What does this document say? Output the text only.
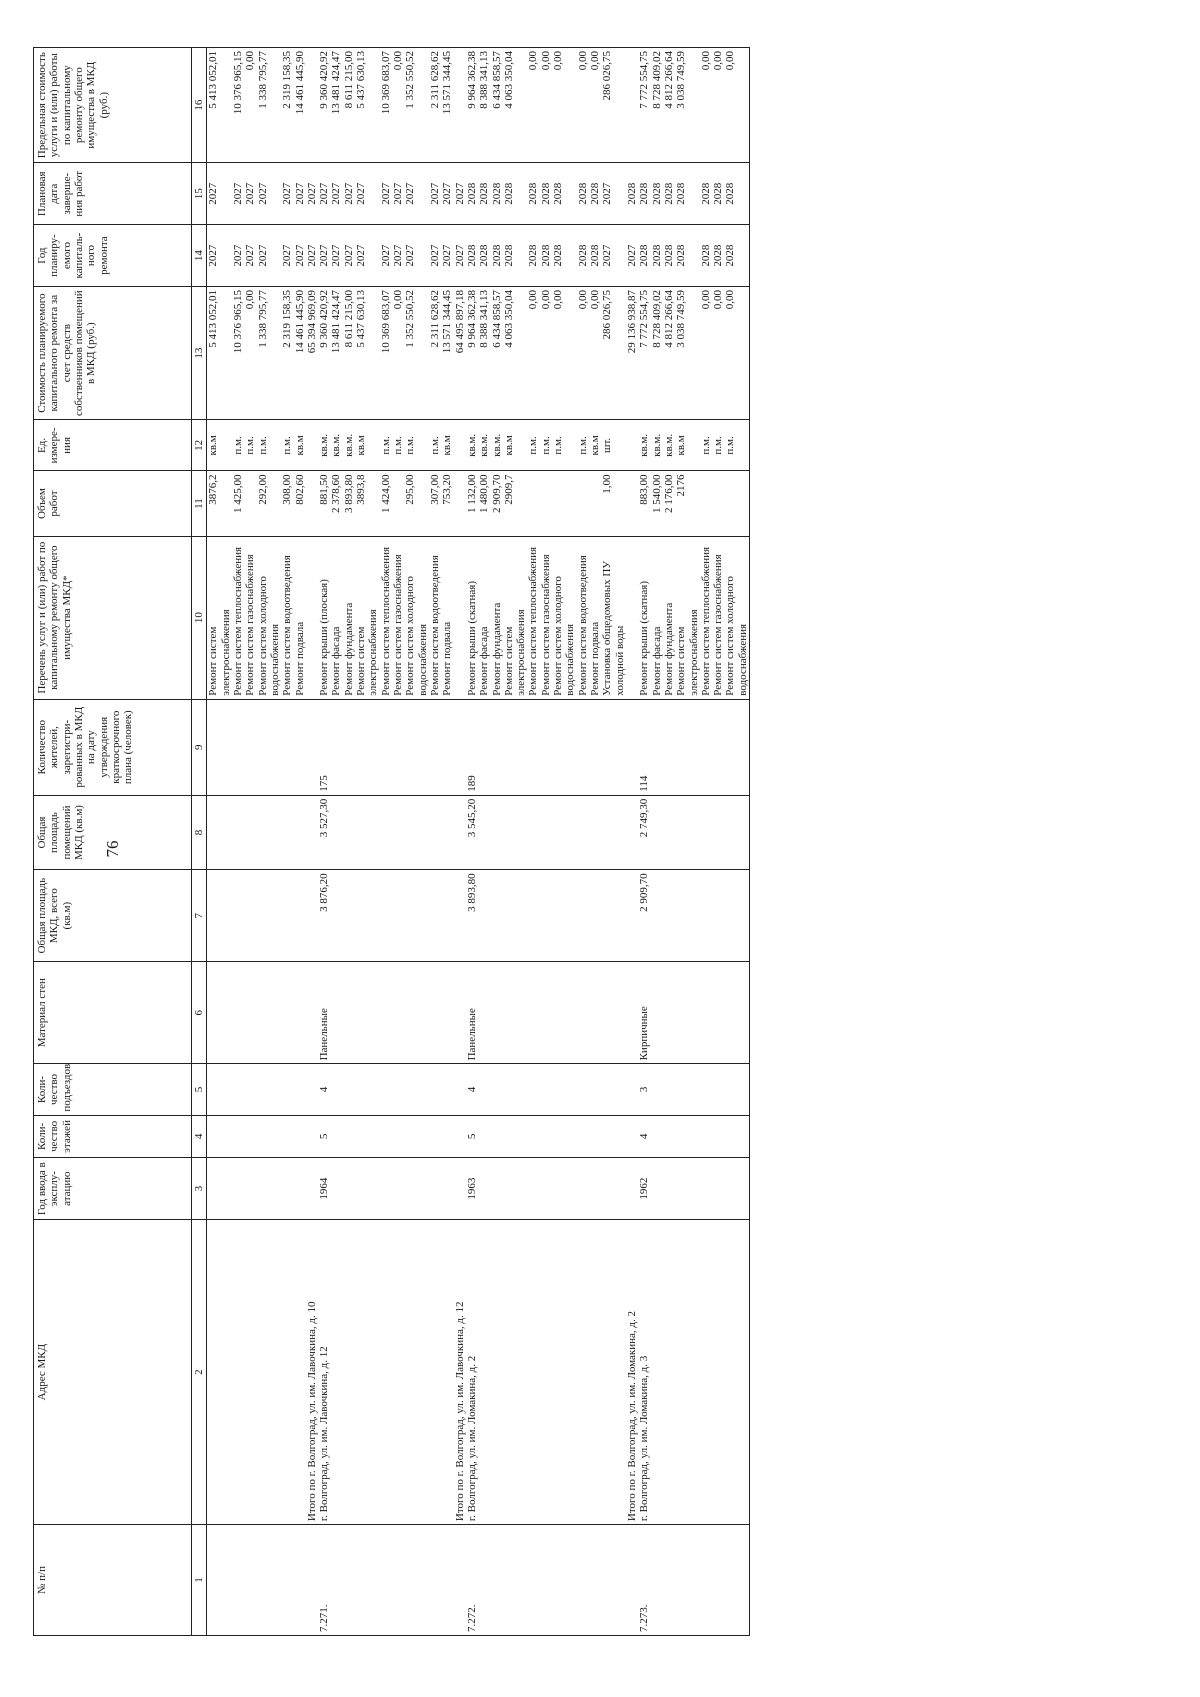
76
№ п/п	Адрес МКД	Год ввода в эксплу-атацию	Коли-чество этажей	Коли-чество подъездов	Материал стен	Общая площадь МКД, всего (кв.м)	Общая площадь помещений МКД (кв.м)	Количество жителей, зарегистри-рованных в МКД на дату утверждения краткосрочного плана (человек)	Перечень услуг и (или) работ по капитальному ремонту общего имущества МКД*	Объем работ	Ед. измере-ния	Стоимость планируемого капитального ремонта за счет средств собственников помещений в МКД (руб.)	Год планиру-емого капиталь-ного ремонта	Плановая дата заверше-ния работ	Предельная стоимость услуги и (или) работы по капитальному ремонту общего имущества в МКД (руб.)
1	2	3	4	5	6	7	8	9	10	11	12	13	14	15	16
									Ремонт систем электроснабжения	3876,2	кв.м	5 413 052,01	2027	2027	5 413 052,01
									Ремонт систем теплоснабжения	1 425,00	п.м.	10 376 965,15	2027	2027	10 376 965,15
									Ремонт систем газоснабжения		п.м.	0,00	2027	2027	0,00
									Ремонт систем холодного водоснабжения	292,00	п.м.	1 338 795,77	2027	2027	1 338 795,77
									Ремонт систем водоотведения	308,00	п.м.	2 319 158,35	2027	2027	2 319 158,35
									Ремонт подвала	802,60	кв.м	14 461 445,90	2027	2027	14 461 445,90
	Итого по г. Волгоград, ул. им. Лавочкина, д. 10											65 394 969,09	2027	2027	
7.271.	г. Волгоград, ул. им. Лавочкина, д. 12	1964	5	4	Панельные	3 876,20	3 527,30	175	Ремонт крыши (плоская)	881,50	кв.м.	9 360 420,92	2027	2027	9 360 420,92
									Ремонт фасада	2 378,60	кв.м.	13 481 424,47	2027	2027	13 481 424,47
									Ремонт фундамента	3 893,80	кв.м.	8 611 215,00	2027	2027	8 611 215,00
									Ремонт систем электроснабжения	3893,8	кв.м	5 437 630,13	2027	2027	5 437 630,13
									Ремонт систем теплоснабжения	1 424,00	п.м.	10 369 683,07	2027	2027	10 369 683,07
									Ремонт систем газоснабжения		п.м.	0,00	2027	2027	0,00
									Ремонт систем холодного водоснабжения	295,00	п.м.	1 352 550,52	2027	2027	1 352 550,52
									Ремонт систем водоотведения	307,00	п.м.	2 311 628,62	2027	2027	2 311 628,62
									Ремонт подвала	753,20	кв.м	13 571 344,45	2027	2027	13 571 344,45
	Итого по г. Волгоград, ул. им. Лавочкина, д. 12											64 495 897,18	2027	2027	
7.272.	г. Волгоград, ул. им. Ломакина, д. 2	1963	5	4	Панельные	3 893,80	3 545,20	189	Ремонт крыши (скатная)	1 132,00	кв.м.	9 964 362,38	2028	2028	9 964 362,38
									Ремонт фасада	1 480,00	кв.м.	8 388 341,13	2028	2028	8 388 341,13
									Ремонт фундамента	2 909,70	кв.м.	6 434 858,57	2028	2028	6 434 858,57
									Ремонт систем электроснабжения	2909,7	кв.м	4 063 350,04	2028	2028	4 063 350,04
									Ремонт систем теплоснабжения		п.м.	0,00	2028	2028	0,00
									Ремонт систем газоснабжения		п.м.	0,00	2028	2028	0,00
									Ремонт систем холодного водоснабжения		п.м.	0,00	2028	2028	0,00
									Ремонт систем водоотведения		п.м.	0,00	2028	2028	0,00
									Ремонт подвала		кв.м	0,00	2028	2028	0,00
									Установка общедомовых ПУ холодной воды	1,00	шт.	286 026,75	2027	2027	286 026,75
	Итого по г. Волгоград, ул. им. Ломакина, д. 2											29 136 938,87	2027	2028	
7.273.	г. Волгоград, ул. им. Ломакина, д. 3	1962	4	3	Кирпичные	2 909,70	2 749,30	114	Ремонт крыши (скатная)	883,00	кв.м.	7 772 554,75	2028	2028	7 772 554,75
									Ремонт фасада	1 540,00	кв.м.	8 728 409,02	2028	2028	8 728 409,02
									Ремонт фундамента	2 176,00	кв.м.	4 812 266,64	2028	2028	4 812 266,64
									Ремонт систем электроснабжения	2176	кв.м	3 038 749,59	2028	2028	3 038 749,59
									Ремонт систем теплоснабжения		п.м.	0,00	2028	2028	0,00
									Ремонт систем газоснабжения		п.м.	0,00	2028	2028	0,00
									Ремонт систем холодного водоснабжения		п.м.	0,00	2028	2028	0,00
